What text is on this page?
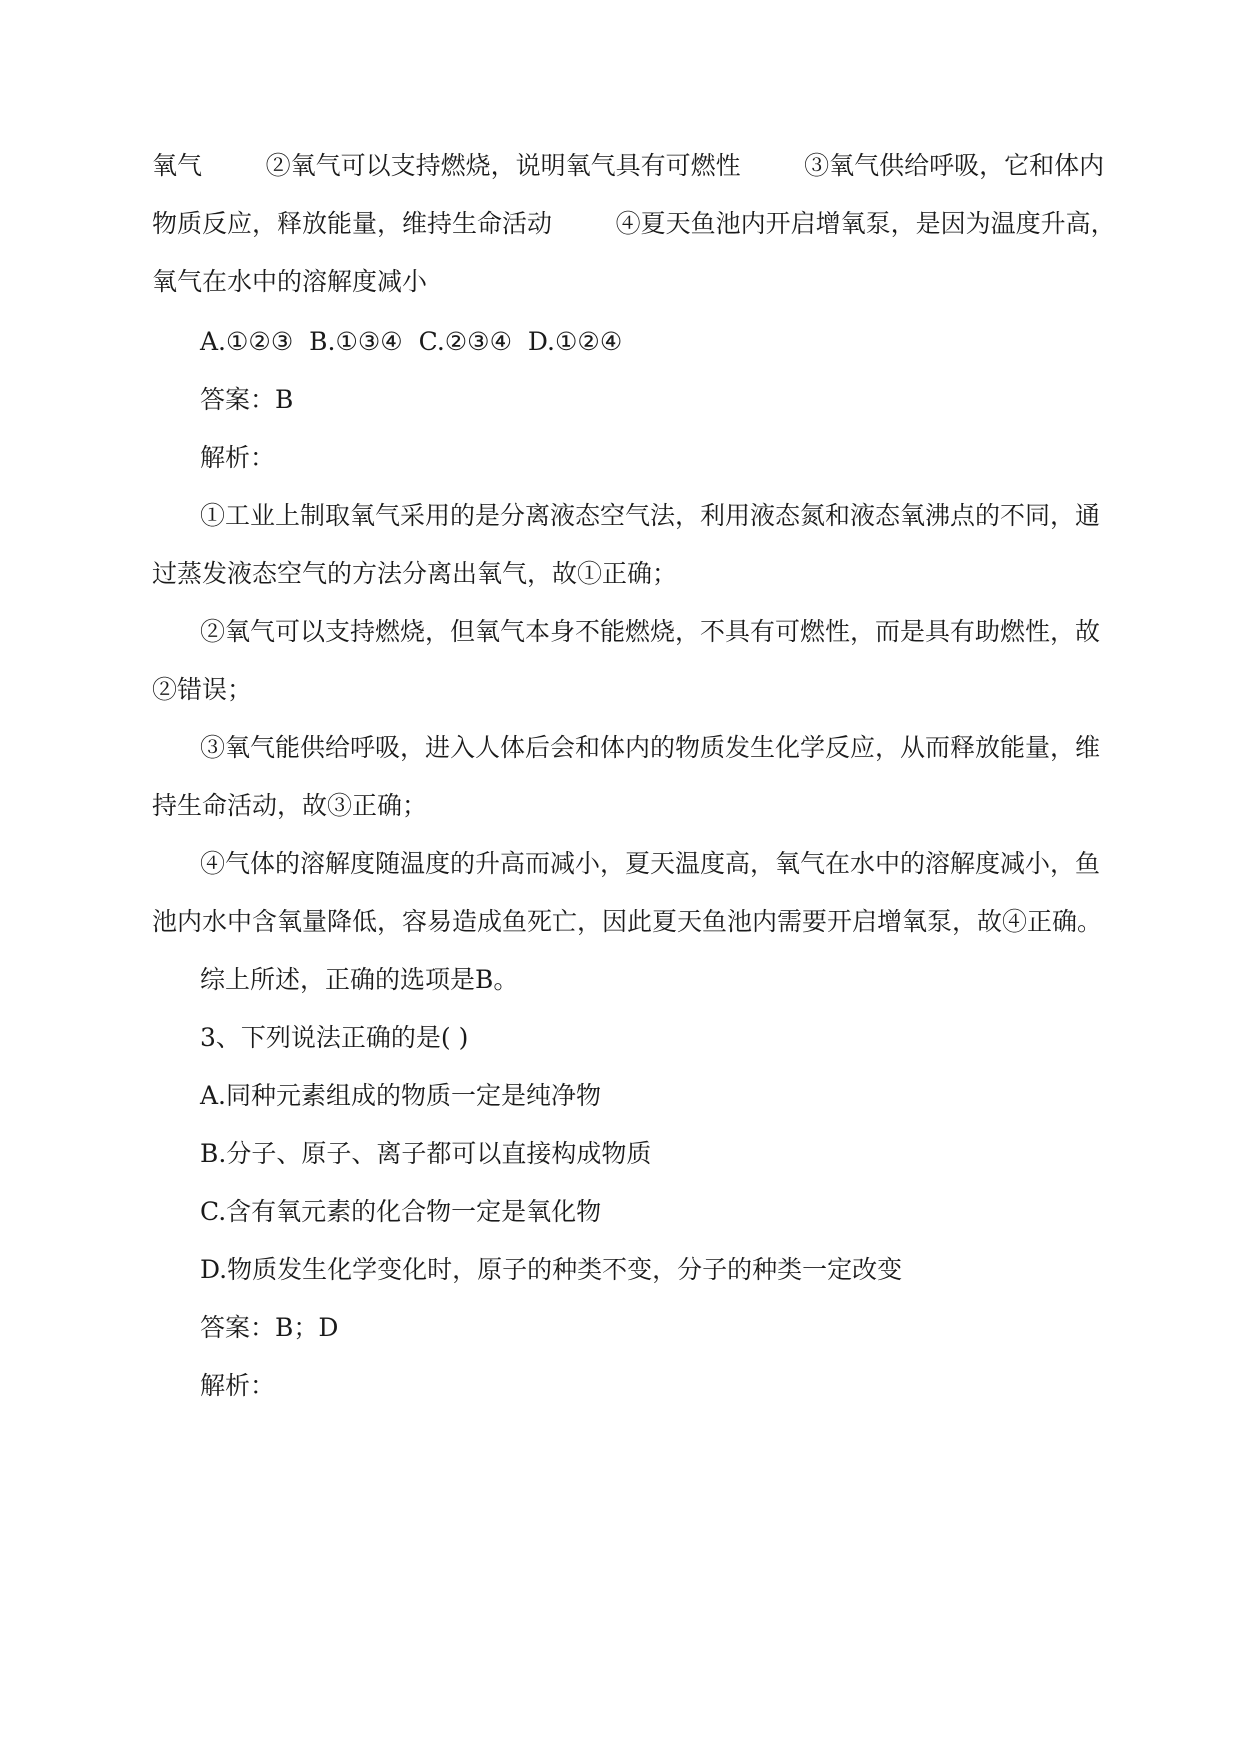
氧气        ②氧气可以支持燃烧，说明氧气具有可燃性        ③氧气供给呼吸，它和体内
物质反应，释放能量，维持生命活动        ④夏天鱼池内开启增氧泵，是因为温度升高，
氧气在水中的溶解度减小
A.①②③  B.①③④  C.②③④  D.①②④
答案：B
解析：
①工业上制取氧气采用的是分离液态空气法，利用液态氮和液态氧沸点的不同，通
过蒸发液态空气的方法分离出氧气，故①正确；
②氧气可以支持燃烧，但氧气本身不能燃烧，不具有可燃性，而是具有助燃性，故
②错误；
③氧气能供给呼吸，进入人体后会和体内的物质发生化学反应，从而释放能量，维
持生命活动，故③正确；
④气体的溶解度随温度的升高而减小，夏天温度高，氧气在水中的溶解度减小，鱼
池内水中含氧量降低，容易造成鱼死亡，因此夏天鱼池内需要开启增氧泵，故④正确。
综上所述，正确的选项是B。
3、下列说法正确的是( )
A.同种元素组成的物质一定是纯净物
B.分子、原子、离子都可以直接构成物质
C.含有氧元素的化合物一定是氧化物
D.物质发生化学变化时，原子的种类不变，分子的种类一定改变
答案：B；D
解析：
